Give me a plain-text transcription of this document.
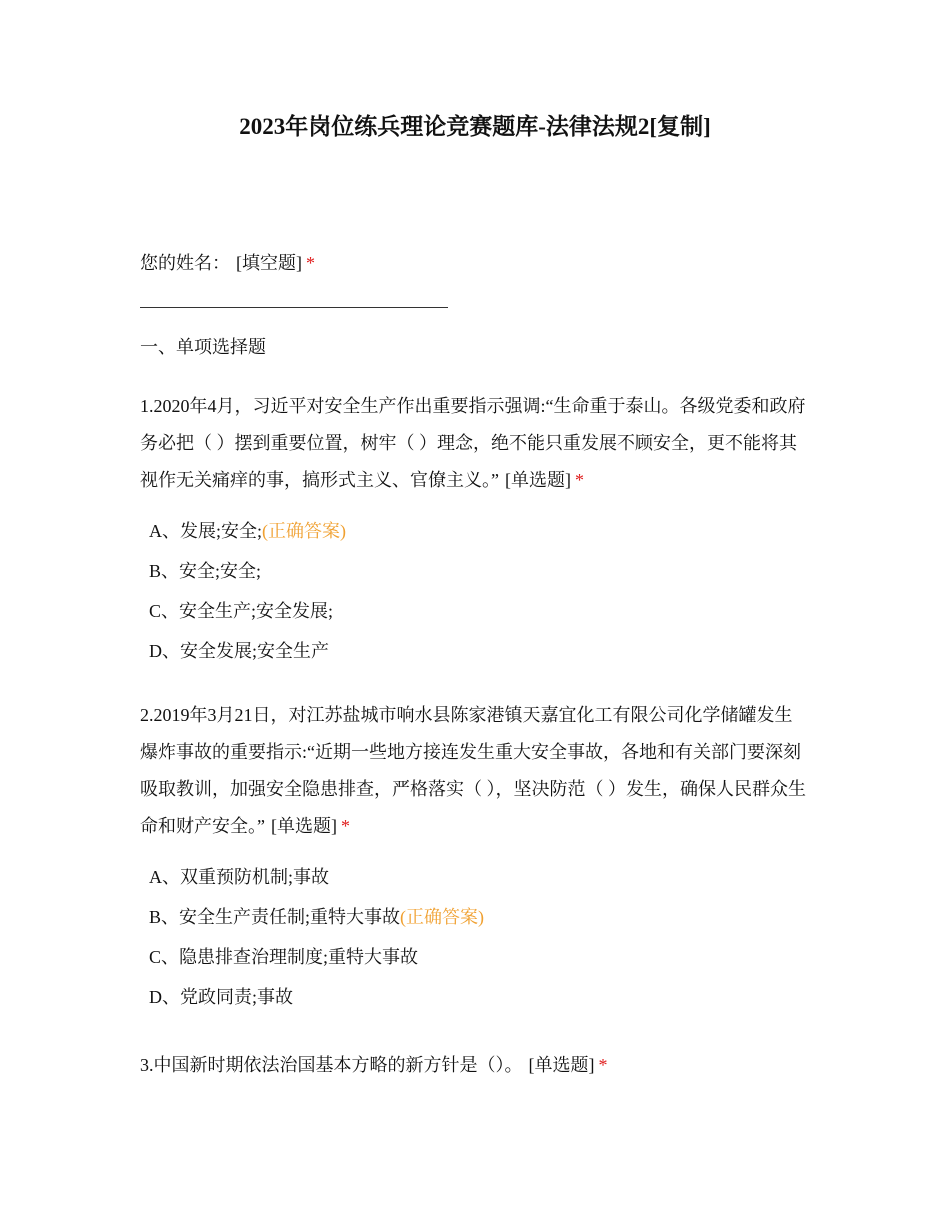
2023年岗位练兵理论竞赛题库-法律法规2[复制]

您的姓名： [填空题] *

一、单项选择题

1.2020年4月，习近平对安全生产作出重要指示强调:“生命重于泰山。各级党委和政府务必把（ ）摆到重要位置，树牢（ ）理念，绝不能只重发展不顾安全，更不能将其视作无关痛痒的事，搞形式主义、官僚主义。” [单选题] *

A、发展;安全;(正确答案)
B、安全;安全;
C、安全生产;安全发展;
D、安全发展;安全生产

2.2019年3月21日，对江苏盐城市响水县陈家港镇天嘉宜化工有限公司化学储罐发生爆炸事故的重要指示:“近期一些地方接连发生重大安全事故，各地和有关部门要深刻吸取教训，加强安全隐患排查，严格落实（ ），坚决防范（ ）发生，确保人民群众生命和财产安全。” [单选题] *

A、双重预防机制;事故
B、安全生产责任制;重特大事故(正确答案)
C、隐患排查治理制度;重特大事故
D、党政同责;事故

3.中国新时期依法治国基本方略的新方针是（）。 [单选题] *
